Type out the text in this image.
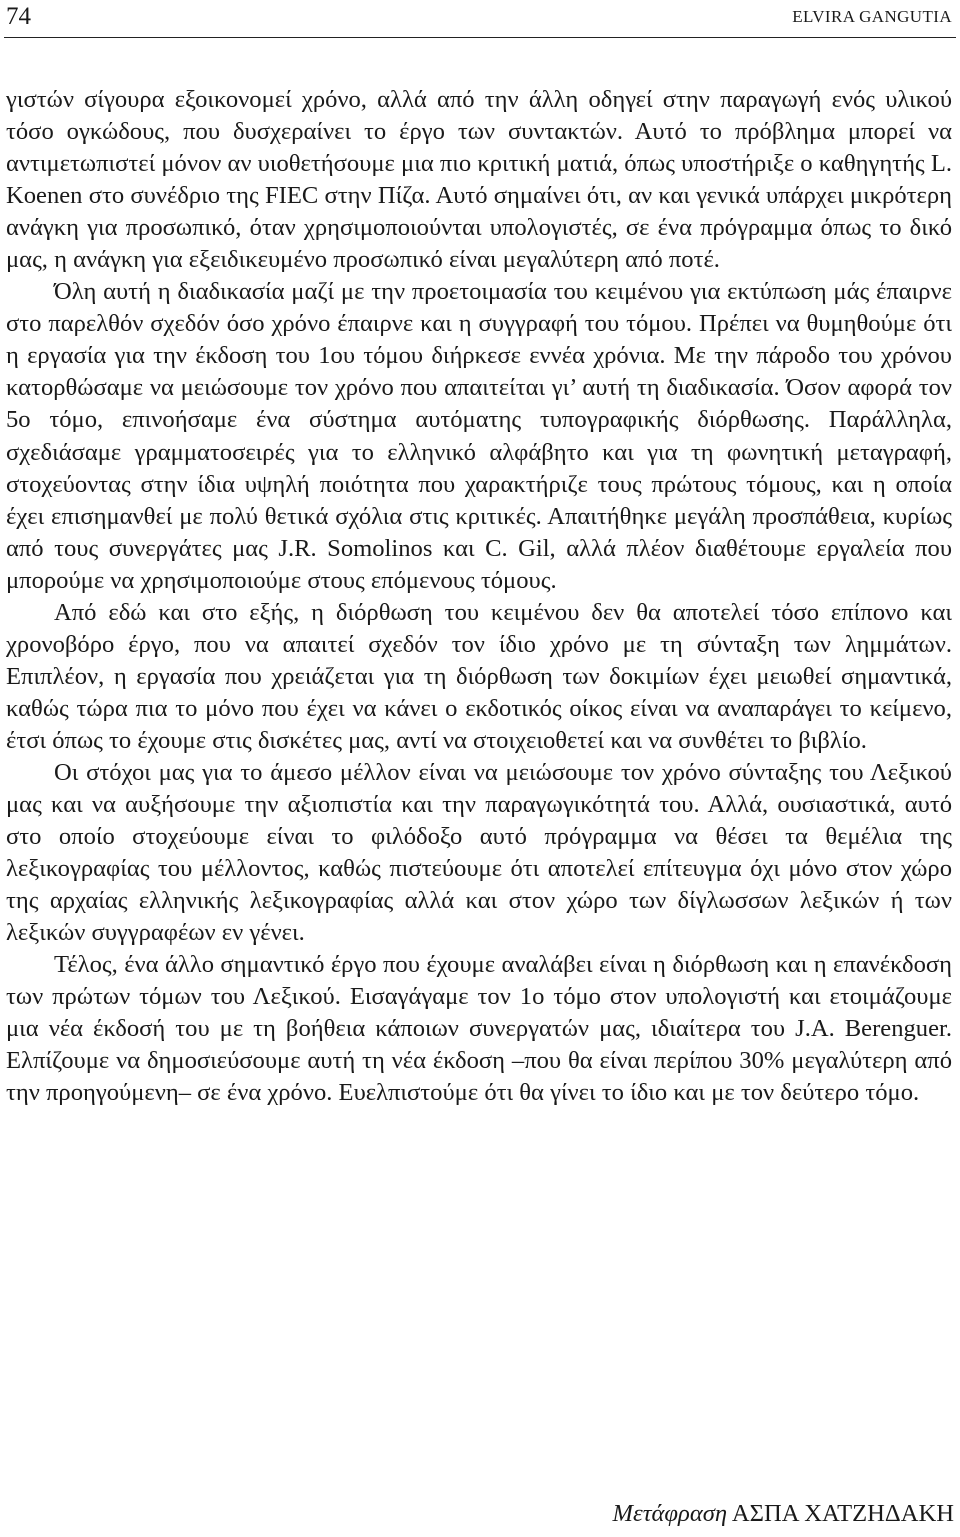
74	ELVIRA GANGUTIA

γιστών σίγουρα εξοικονομεί χρόνο, αλλά από την άλλη οδηγεί στην παραγωγή ενός υλικού τόσο ογκώδους, που δυσχεραίνει το έργο των συντακτών. Αυτό το πρόβλημα μπορεί να αντιμετωπιστεί μόνον αν υιοθετήσουμε μια πιο κριτική ματιά, όπως υποστήριξε ο καθηγητής L. Koenen στο συνέδριο της FIEC στην Πίζα. Αυτό σημαίνει ότι, αν και γενικά υπάρχει μικρότερη ανάγκη για προσωπικό, όταν χρησιμοποιούνται υπολογιστές, σε ένα πρόγραμμα όπως το δικό μας, η ανάγκη για εξειδικευμένο προσωπικό είναι μεγαλύτερη από ποτέ.

Όλη αυτή η διαδικασία μαζί με την προετοιμασία του κειμένου για εκτύπωση μάς έπαιρνε στο παρελθόν σχεδόν όσο χρόνο έπαιρνε και η συγγραφή του τόμου. Πρέπει να θυμηθούμε ότι η εργασία για την έκδοση του 1ου τόμου διήρκεσε εννέα χρόνια. Με την πάροδο του χρόνου κατορθώσαμε να μειώσουμε τον χρόνο που απαιτείται γι’ αυτή τη διαδικασία. Όσον αφορά τον 5ο τόμο, επινοήσαμε ένα σύστημα αυτόματης τυπογραφικής διόρθωσης. Παράλληλα, σχεδιάσαμε γραμματοσειρές για το ελληνικό αλφάβητο και για τη φωνητική μεταγραφή, στοχεύοντας στην ίδια υψηλή ποιότητα που χαρακτήριζε τους πρώτους τόμους, και η οποία έχει επισημανθεί με πολύ θετικά σχόλια στις κριτικές. Απαιτήθηκε μεγάλη προσπάθεια, κυρίως από τους συνεργάτες μας J.R. Somolinos και C. Gil, αλλά πλέον διαθέτουμε εργαλεία που μπορούμε να χρησιμοποιούμε στους επόμενους τόμους.

Από εδώ και στο εξής, η διόρθωση του κειμένου δεν θα αποτελεί τόσο επίπονο και χρονοβόρο έργο, που να απαιτεί σχεδόν τον ίδιο χρόνο με τη σύνταξη των λημμάτων. Επιπλέον, η εργασία που χρειάζεται για τη διόρθωση των δοκιμίων έχει μειωθεί σημαντικά, καθώς τώρα πια το μόνο που έχει να κάνει ο εκδοτικός οίκος είναι να αναπαράγει το κείμενο, έτσι όπως το έχουμε στις δισκέτες μας, αντί να στοιχειοθετεί και να συνθέτει το βιβλίο.

Οι στόχοι μας για το άμεσο μέλλον είναι να μειώσουμε τον χρόνο σύνταξης του Λεξικού μας και να αυξήσουμε την αξιοπιστία και την παραγωγικότητά του. Αλλά, ουσιαστικά, αυτό στο οποίο στοχεύουμε είναι το φιλόδοξο αυτό πρόγραμμα να θέσει τα θεμέλια της λεξικογραφίας του μέλλοντος, καθώς πιστεύουμε ότι αποτελεί επίτευγμα όχι μόνο στον χώρο της αρχαίας ελληνικής λεξικογραφίας αλλά και στον χώρο των δίγλωσσων λεξικών ή των λεξικών συγγραφέων εν γένει.

Τέλος, ένα άλλο σημαντικό έργο που έχουμε αναλάβει είναι η διόρθωση και η επανέκδοση των πρώτων τόμων του Λεξικού. Εισαγάγαμε τον 1ο τόμο στον υπολογιστή και ετοιμάζουμε μια νέα έκδοσή του με τη βοήθεια κάποιων συνεργατών μας, ιδιαίτερα του J.A. Berenguer. Ελπίζουμε να δημοσιεύσουμε αυτή τη νέα έκδοση –που θα είναι περίπου 30% μεγαλύτερη από την προηγούμενη– σε ένα χρόνο. Ευελπιστούμε ότι θα γίνει το ίδιο και με τον δεύτερο τόμο.

Μετάφραση ΑΣΠΑ ΧΑΤΖΗΔΑΚΗ
